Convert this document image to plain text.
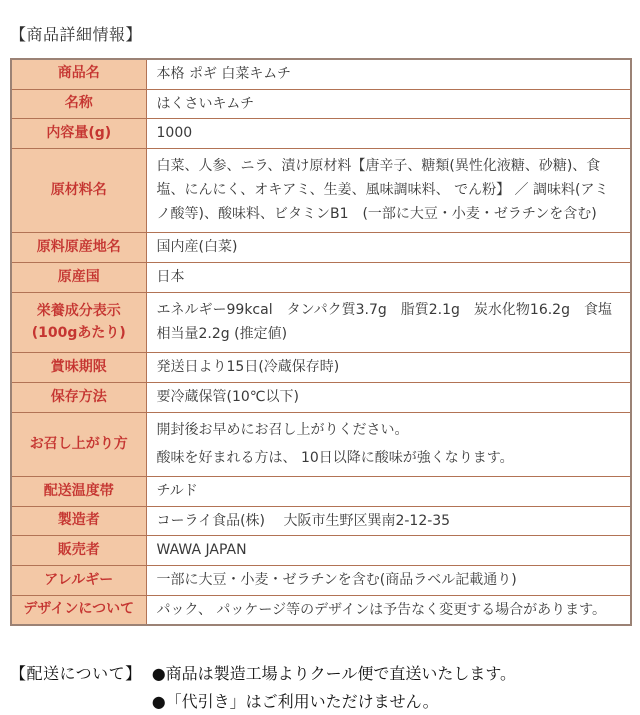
【商品詳細情報】
商品名	本格 ポギ 白菜キムチ

名称	はくさいキムチ

内容量(g)	1000

原材料名	白菜、人参、ニラ、漬け原材料【唐辛子、糖類(異性化液糖、砂糖)、食塩、にんにく、オキアミ、生姜、風味調味料、 でん粉】 ／ 調味料(アミノ酸等)、酸味料、ビタミンB1　(一部に大豆・小麦・ゼラチンを含む)

原料原産地名	国内産(白菜)

原産国	日本

栄養成分表示
(100gあたり)	エネルギー99kcal　タンパク質3.7g　脂質2.1g　炭水化物16.2g　食塩相当量2.2g (推定値)

賞味期限	発送日より15日(冷蔵保存時)

保存方法	要冷蔵保管(10℃以下)

お召し上がり方	開封後お早めにお召し上がりください。
酸味を好まれる方は、 10日以降に酸味が強くなります。

配送温度帯	チルド

製造者	コーライ食品(株)　 大阪市生野区巽南2-12-35

販売者	WAWA JAPAN

アレルギー	一部に大豆・小麦・ゼラチンを含む(商品ラベル記載通り)

デザインについて	パック、 パッケージ等のデザインは予告なく変更する場合があります。
【配送について】 ●商品は製造工場よりクール便で直送いたします。
●「代引き」はご利用いただけません。
